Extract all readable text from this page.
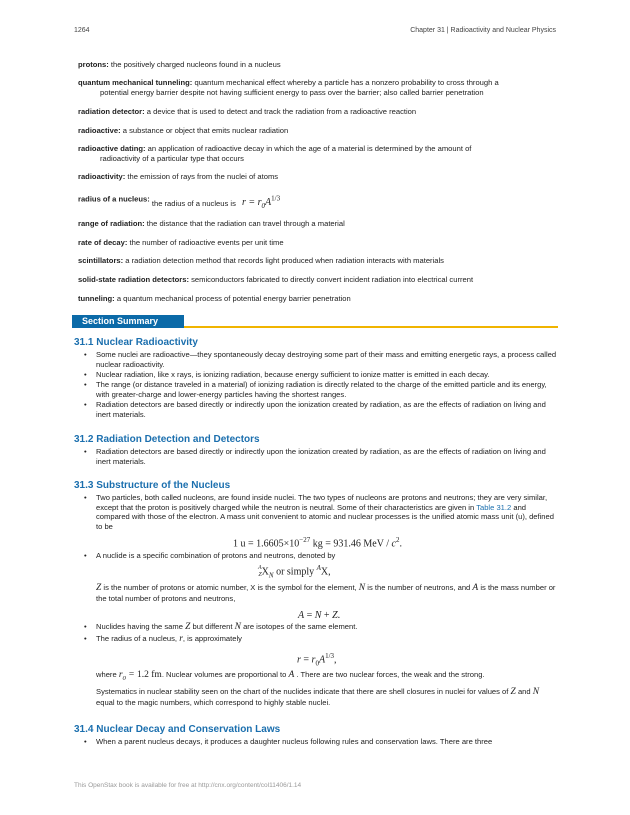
1264	Chapter 31 | Radioactivity and Nuclear Physics
protons: the positively charged nucleons found in a nucleus
quantum mechanical tunneling: quantum mechanical effect whereby a particle has a nonzero probability to cross through a
potential energy barrier despite not having sufficient energy to pass over the barrier; also called barrier penetration
radiation detector: a device that is used to detect and track the radiation from a radioactive reaction
radioactive: a substance or object that emits nuclear radiation
radioactive dating: an application of radioactive decay in which the age of a material is determined by the amount of
radioactivity of a particular type that occurs
radioactivity: the emission of rays from the nuclei of atoms
radius of a nucleus: the radius of a nucleus is $r = r_0A^{1/3}$
range of radiation: the distance that the radiation can travel through a material
rate of decay: the number of radioactive events per unit time
scintillators: a radiation detection method that records light produced when radiation interacts with materials
solid-state radiation detectors: semiconductors fabricated to directly convert incident radiation into electrical current
tunneling: a quantum mechanical process of potential energy barrier penetration
Section Summary
31.1 Nuclear Radioactivity
•	Some nuclei are radioactive—they spontaneously decay destroying some part of their mass and emitting energetic rays, a process called nuclear radioactivity.
•	Nuclear radiation, like x rays, is ionizing radiation, because energy sufficient to ionize matter is emitted in each decay.
•	The range (or distance traveled in a material) of ionizing radiation is directly related to the charge of the emitted particle and its energy, with greater-charge and lower-energy particles having the shortest ranges.
•	Radiation detectors are based directly or indirectly upon the ionization created by radiation, as are the effects of radiation on living and inert materials.
31.2 Radiation Detection and Detectors
•	Radiation detectors are based directly or indirectly upon the ionization created by radiation, as are the effects of radiation on living and inert materials.
31.3 Substructure of the Nucleus
•	Two particles, both called nucleons, are found inside nuclei. The two types of nucleons are protons and neutrons; they are very similar, except that the proton is positively charged while the neutron is neutral. Some of their characteristics are given in Table 31.2 and compared with those of the electron. A mass unit convenient to atomic and nuclear processes is the unified atomic mass unit (u), defined to be
1 $u = 1.6605\times 10^{-27}$ kg = 931.46 MeV / $c^2$.
•	A nuclide is a specific combination of protons and neutrons, denoted by
A
$ZX_N$ or simply $^A$X,
Z is the number of protons or atomic number, X is the symbol for the element, N is the number of neutrons, and A is the mass number or the total number of protons and neutrons,
A = N + Z.
•	Nuclides having the same Z but different N are isotopes of the same element.
•	The radius of a nucleus, r, is approximately
$r = r_0A^{1/3}$,
where $r_0 = 1.2$ fm. Nuclear volumes are proportional to A . There are two nuclear forces, the weak and the strong.
Systematics in nuclear stability seen on the chart of the nuclides indicate that there are shell closures in nuclei for values of Z and N equal to the magic numbers, which correspond to highly stable nuclei.
31.4 Nuclear Decay and Conservation Laws
•	When a parent nucleus decays, it produces a daughter nucleus following rules and conservation laws. There are three
This OpenStax book is available for free at http://cnx.org/content/col11406/1.14
